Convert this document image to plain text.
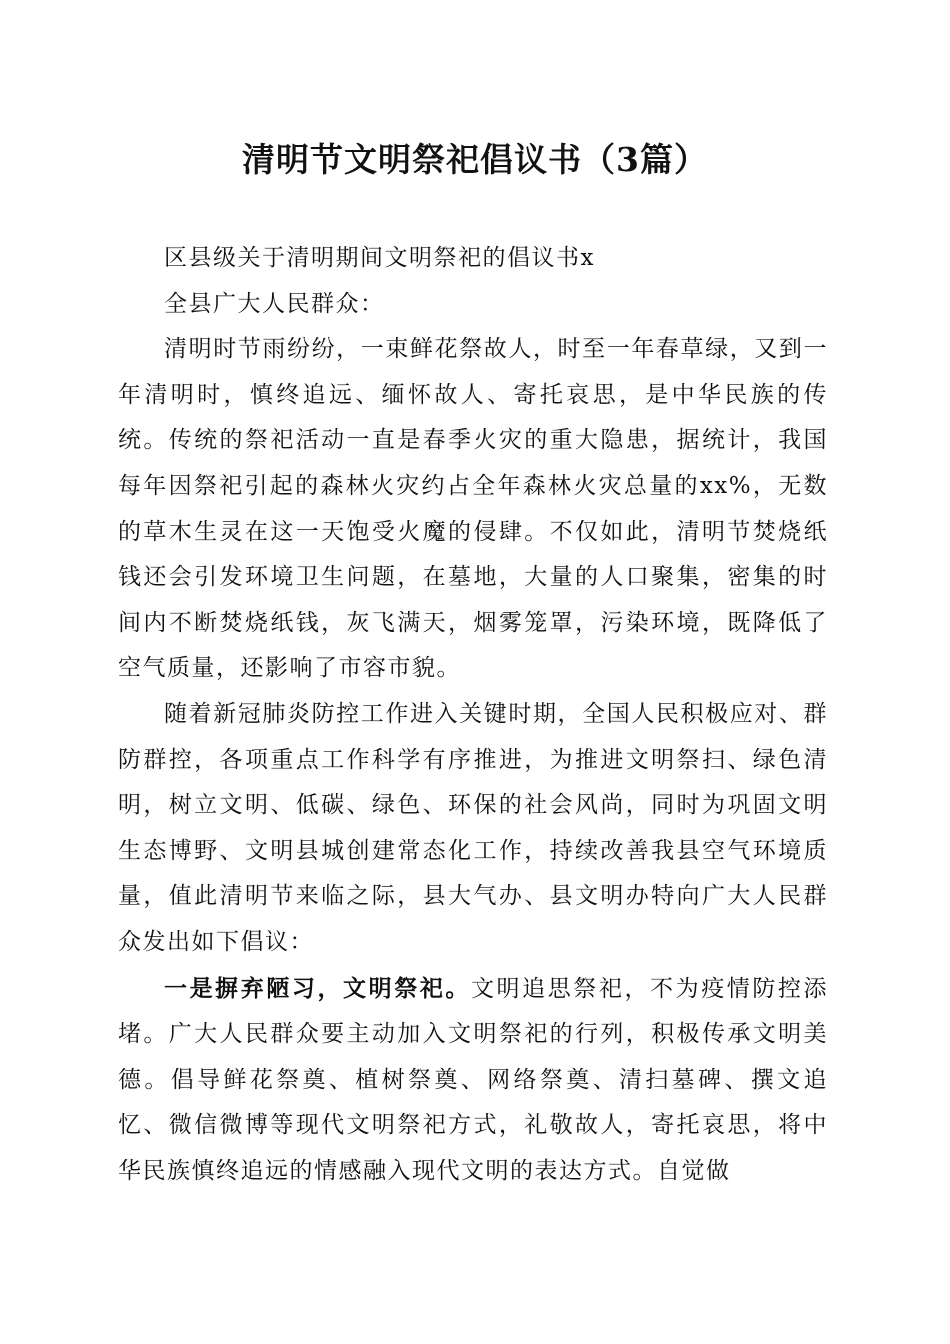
清明节文明祭祀倡议书（3篇）

区县级关于清明期间文明祭祀的倡议书x

全县广大人民群众：

清明时节雨纷纷，一束鲜花祭故人，时至一年春草绿，又到一年清明时，慎终追远、缅怀故人、寄托哀思，是中华民族的传统。传统的祭祀活动一直是春季火灾的重大隐患，据统计，我国每年因祭祀引起的森林火灾约占全年森林火灾总量的xx%，无数的草木生灵在这一天饱受火魔的侵肆。不仅如此，清明节焚烧纸钱还会引发环境卫生问题，在墓地，大量的人口聚集，密集的时间内不断焚烧纸钱，灰飞满天，烟雾笼罩，污染环境，既降低了空气质量，还影响了市容市貌。

随着新冠肺炎防控工作进入关键时期，全国人民积极应对、群防群控，各项重点工作科学有序推进，为推进文明祭扫、绿色清明，树立文明、低碳、绿色、环保的社会风尚，同时为巩固文明生态博野、文明县城创建常态化工作，持续改善我县空气环境质量，值此清明节来临之际，县大气办、县文明办特向广大人民群众发出如下倡议：

一是摒弃陋习，文明祭祀。文明追思祭祀，不为疫情防控添堵。广大人民群众要主动加入文明祭祀的行列，积极传承文明美德。倡导鲜花祭奠、植树祭奠、网络祭奠、清扫墓碑、撰文追忆、微信微博等现代文明祭祀方式，礼敬故人，寄托哀思，将中华民族慎终追远的情感融入现代文明的表达方式。自觉做
